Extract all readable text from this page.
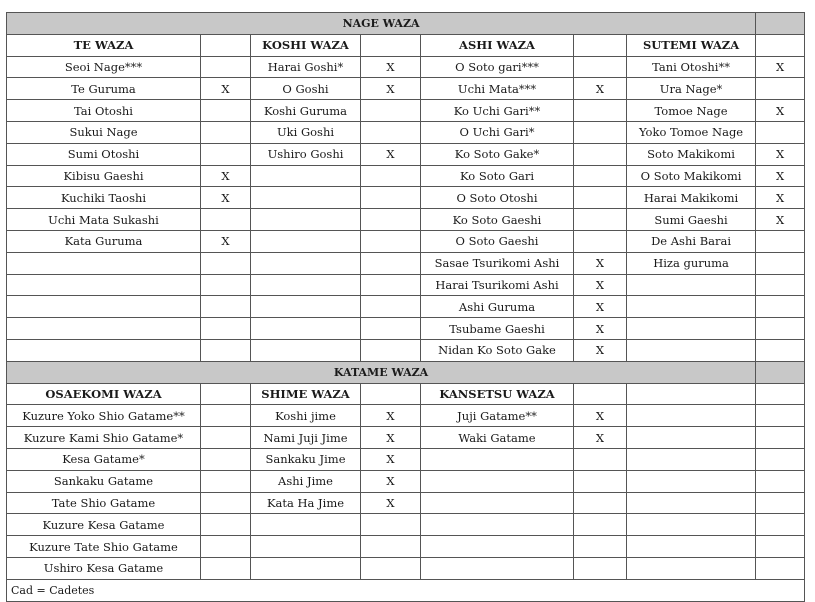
NAGE WAZA							
TE WAZA		KOSHI WAZA		ASHI WAZA		SUTEMI WAZA	
Seoi Nage***		Harai Goshi*	X	O Soto gari***		Tani Otoshi**	X
Te Guruma	X	O Goshi	X	Uchi Mata***	X	Ura Nage*	
Tai Otoshi		Koshi Guruma		Ko Uchi Gari**		Tomoe Nage	X
Sukui Nage		Uki Goshi		O Uchi Gari*		Yoko Tomoe Nage	
Sumi Otoshi		Ushiro Goshi	X	Ko Soto Gake*		Soto Makikomi	X
Kibisu Gaeshi	X			Ko Soto Gari		O Soto Makikomi	X
Kuchiki Taoshi	X			O Soto Otoshi		Harai Makikomi	X
Uchi Mata Sukashi				Ko Soto Gaeshi		Sumi Gaeshi	X
Kata Guruma	X			O Soto Gaeshi		De Ashi Barai	
				Sasae Tsurikomi Ashi	X	Hiza guruma	
				Harai Tsurikomi Ashi	X		
				Ashi Guruma	X		
				Tsubame Gaeshi	X		
				Nidan Ko Soto Gake	X		
KATAME WAZA							
OSAEKOMI WAZA		SHIME WAZA		KANSETSU WAZA			
Kuzure Yoko Shio Gatame**		Koshi jime	X	Juji Gatame**	X		
Kuzure Kami Shio Gatame*		Nami Juji Jime	X	Waki Gatame	X		
Kesa Gatame*		Sankaku Jime	X				
Sankaku Gatame		Ashi Jime	X				
Tate Shio Gatame		Kata Ha Jime	X				
Kuzure Kesa Gatame							
Kuzure Tate Shio Gatame							
Ushiro Kesa Gatame							
Cad = Cadetes							
